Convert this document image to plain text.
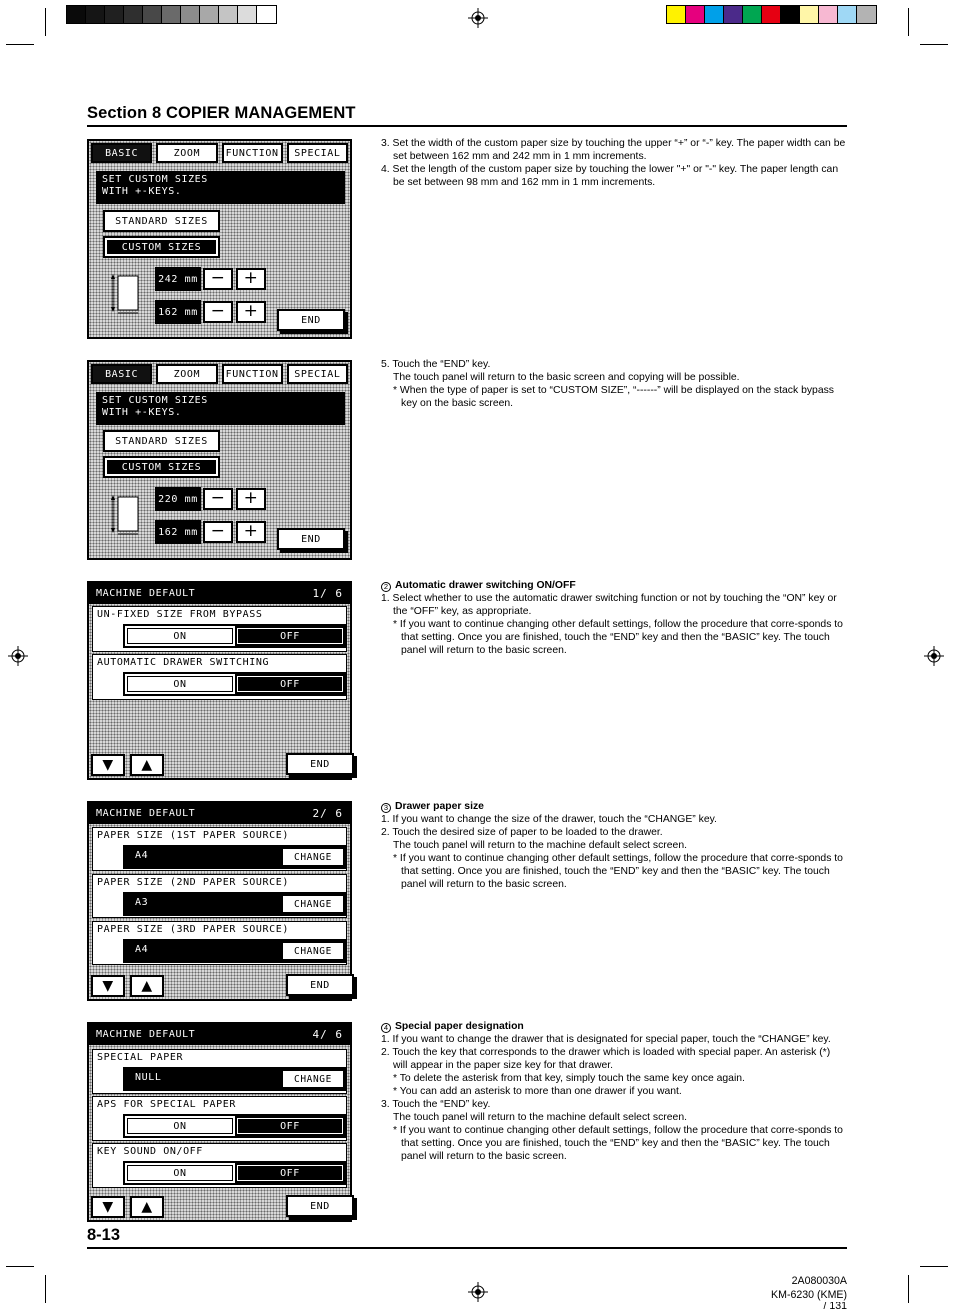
Section 8 COPIER MANAGEMENT
BASIC	ZOOM	FUNCTION	SPECIAL
SET CUSTOM SIZES
WITH +-KEYS.
STANDARD SIZES
CUSTOM SIZES
242 mm −	+
162 mm −	+	END

3. Set the width of the custom paper size by touching the upper “+” or “-” key. The paper width can be set between 162 mm and 242 mm in 1 mm increments.

4. Set the length of the custom paper size by touching the lower "+" or "-" key. The paper length can be set between 98 mm and 162 mm in 1 mm increments.

BASIC	ZOOM	FUNCTION	SPECIAL
SET CUSTOM SIZES
WITH +-KEYS.
STANDARD SIZES
CUSTOM SIZES
220 mm −	+
162 mm −	+	END

5. Touch the “END” key.

The touch panel will return to the basic screen and copying will be possible.

* When the type of paper is set to “CUSTOM SIZE”, “------” will be displayed on the stack bypass key on the basic screen.

MACHINE DEFAULT	1/ 6
UN-FIXED SIZE FROM BYPASS
ON	OFF
AUTOMATIC DRAWER SWITCHING
ON	OFF
▼	▲	END

2 Automatic drawer switching ON/OFF

1. Select whether to use the automatic drawer switching function or not by touching the “ON” key or the “OFF” key, as appropriate.

* If you want to continue changing other default settings, follow the procedure that corre-sponds to that setting. Once you are finished, touch the “END” key and then the “BASIC” key. The touch panel will return to the basic screen.

MACHINE DEFAULT	2/ 6
PAPER SIZE (1ST PAPER SOURCE)
A4	CHANGE
PAPER SIZE (2ND PAPER SOURCE)
A3	CHANGE
PAPER SIZE (3RD PAPER SOURCE)
A4	CHANGE
▼	▲	END

3 Drawer paper size

1. If you want to change the size of the drawer, touch the “CHANGE” key.

2. Touch the desired size of paper to be loaded to the drawer.

The touch panel will return to the machine default select screen.

* If you want to continue changing other default settings, follow the procedure that corre-sponds to that setting. Once you are finished, touch the “END” key and then the “BASIC” key. The touch panel will return to the basic screen.

MACHINE DEFAULT	4/ 6
SPECIAL PAPER
NULL	CHANGE
APS FOR SPECIAL PAPER
ON	OFF
KEY SOUND ON/OFF
ON	OFF
▼	▲	END

4 Special paper designation

1. If you want to change the drawer that is designated for special paper, touch the “CHANGE” key.

2. Touch the key that corresponds to the drawer which is loaded with special paper. An asterisk (*) will appear in the paper size key for that drawer.

* To delete the asterisk from that key, simply touch the same key once again.

* You can add an asterisk to more than one drawer if you want.

3. Touch the “END” key.

The touch panel will return to the machine default select screen.

* If you want to continue changing other default settings, follow the procedure that corre-sponds to that setting. Once you are finished, touch the “END” key and then the “BASIC” key. The touch panel will return to the basic screen.

8-13
2A080030A
KM-6230 (KME)
/ 131
